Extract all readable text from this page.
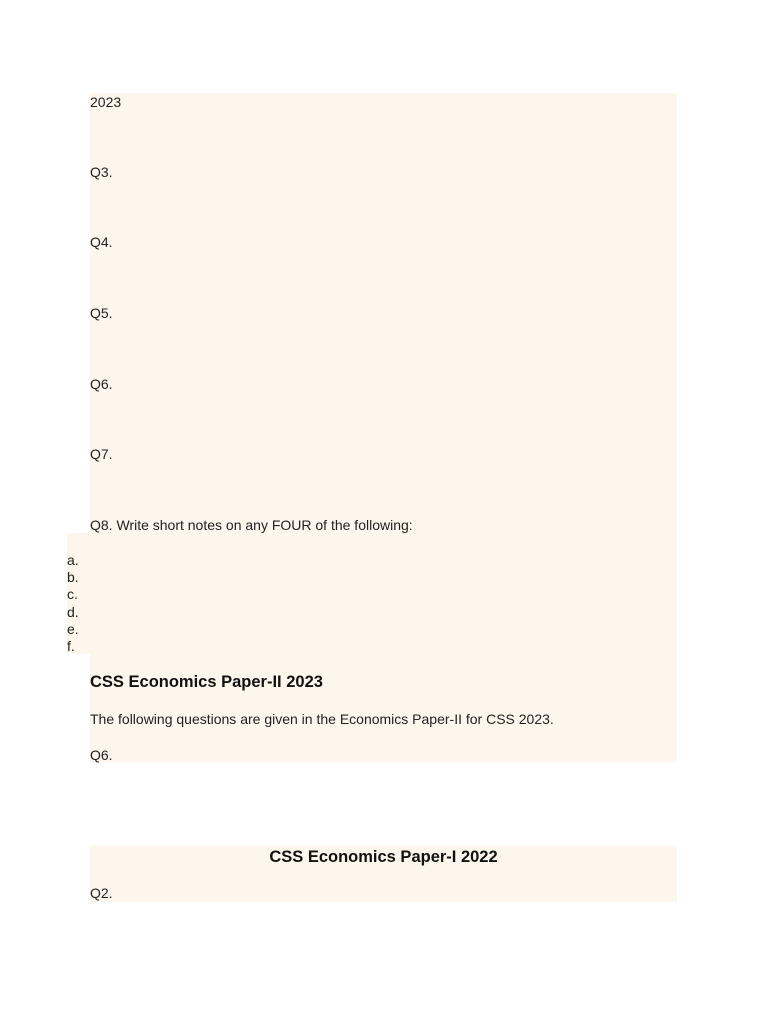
2023
Q3.
Q4.
Q5.
Q6.
Q7.
Q8. Write short notes on any FOUR of the following:
a.
b.
c.
d.
e.
f.
CSS Economics Paper-II 2023
The following questions are given in the Economics Paper-II for CSS 2023.
Q6.
CSS Economics Paper-I 2022
Q2.
